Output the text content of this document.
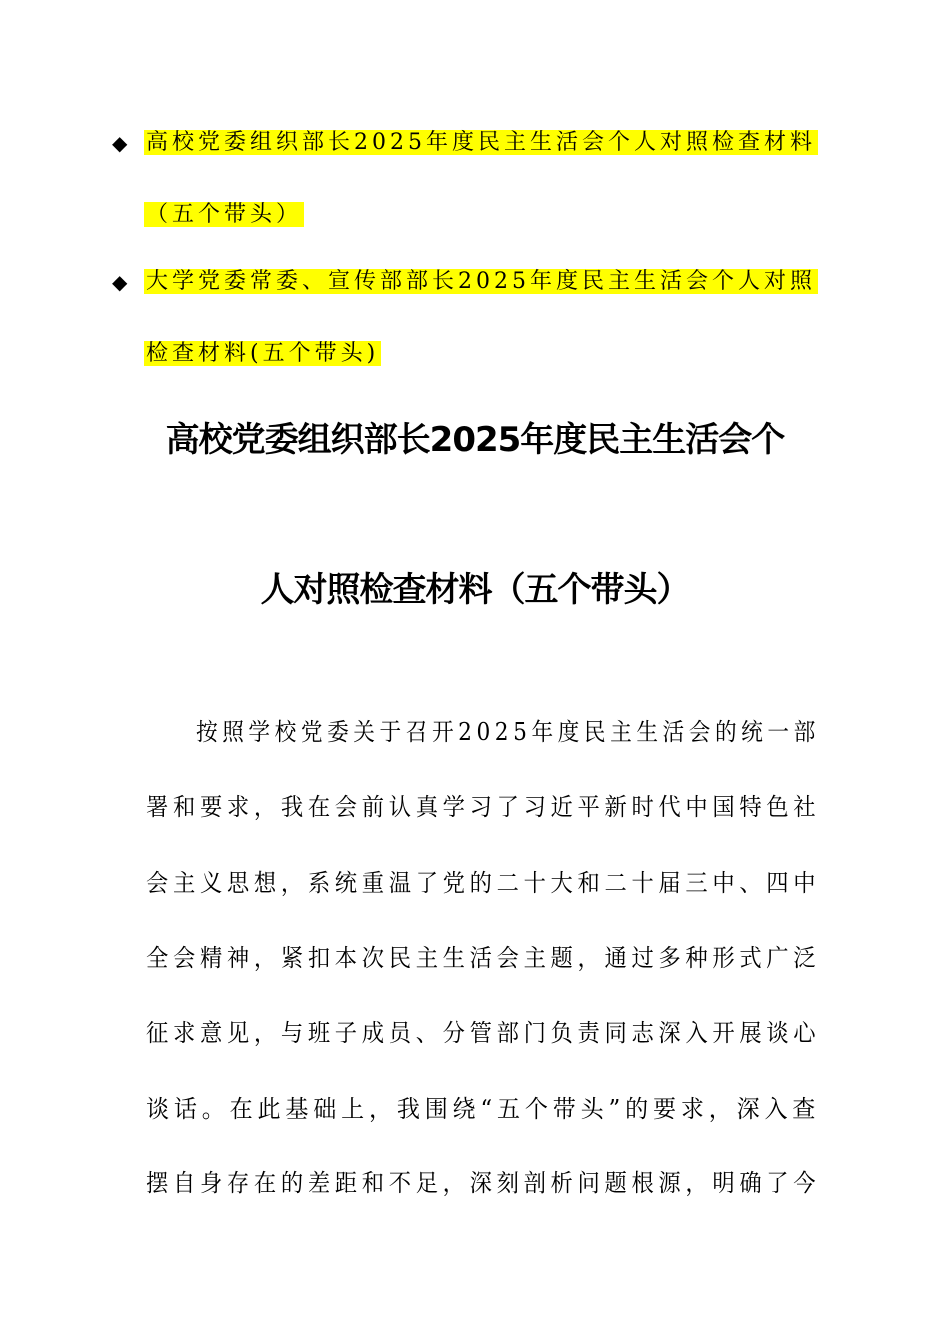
◆ 高校党委组织部长2025年度民主生活会个人对照检查材料
（五个带头）
◆ 大学党委常委、宣传部部长2025年度民主生活会个人对照
检查材料(五个带头)
高校党委组织部长2025年度民主生活会个
人对照检查材料（五个带头）
按照学校党委关于召开2025年度民主生活会的统一部
署和要求，我在会前认真学习了习近平新时代中国特色社
会主义思想，系统重温了党的二十大和二十届三中、四中
全会精神，紧扣本次民主生活会主题，通过多种形式广泛
征求意见，与班子成员、分管部门负责同志深入开展谈心
谈话。在此基础上，我围绕“五个带头”的要求，深入查
摆自身存在的差距和不足，深刻剖析问题根源，明确了今
